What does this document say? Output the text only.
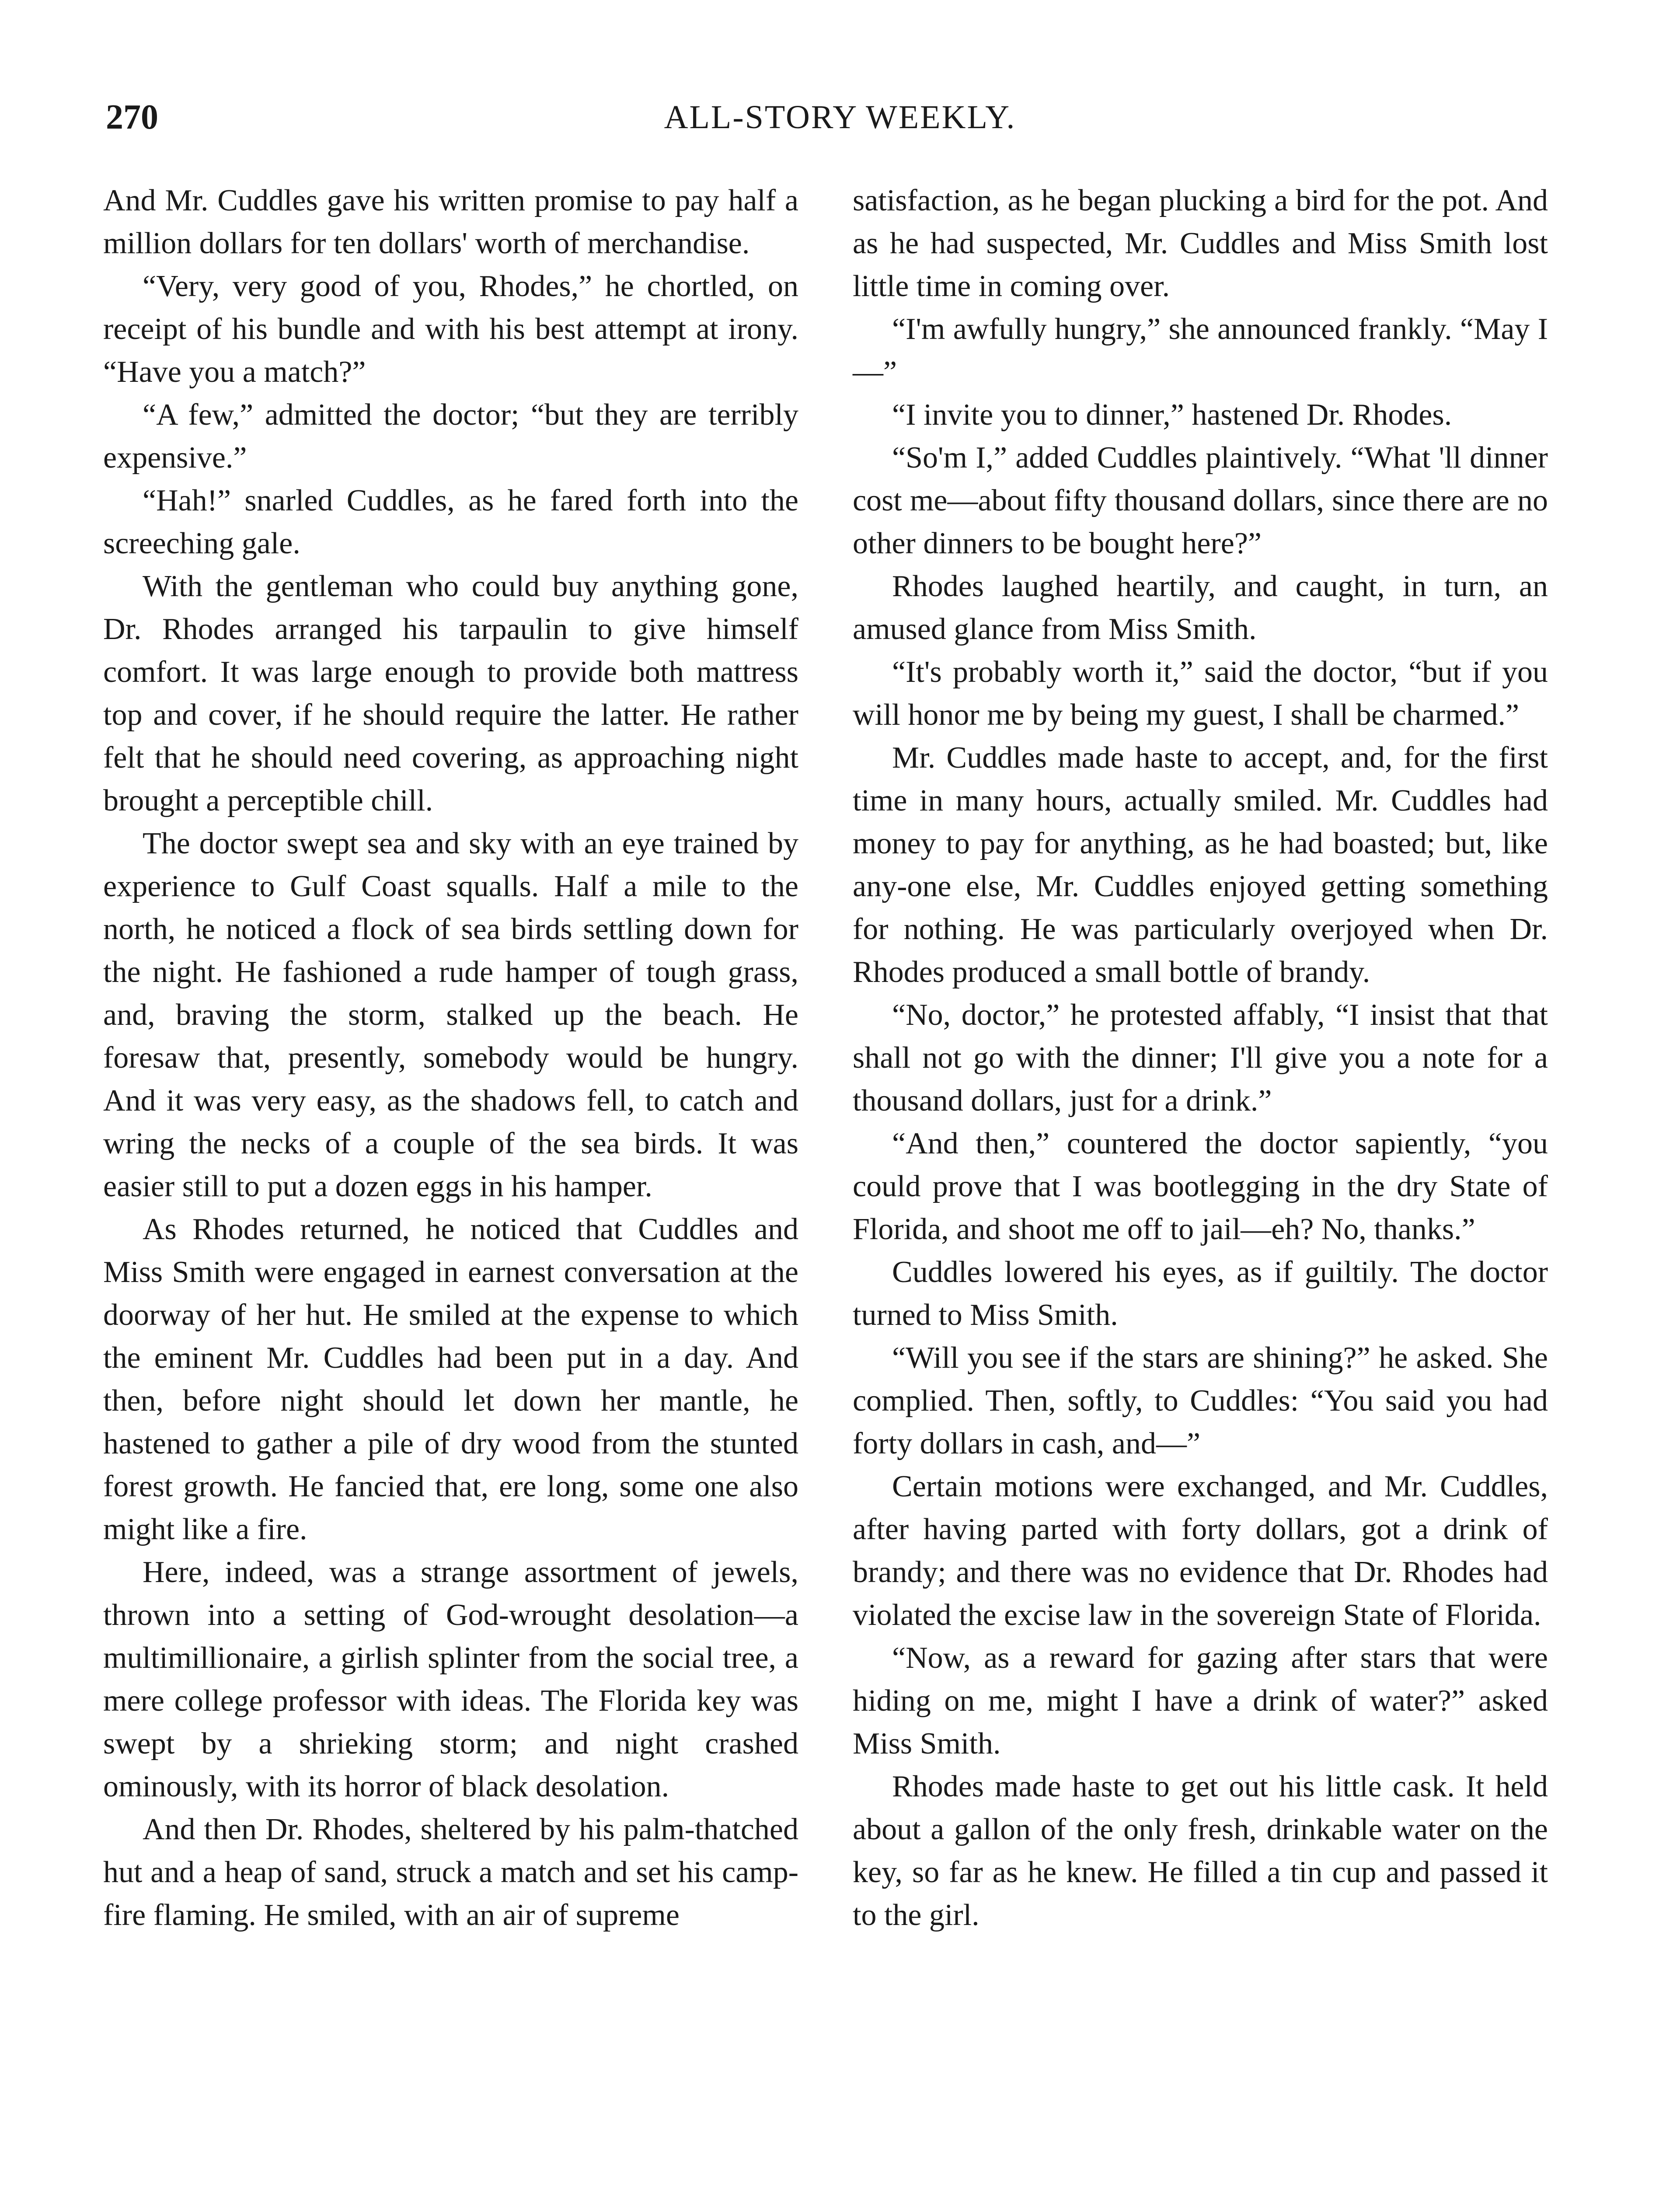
270	ALL-STORY WEEKLY.

And Mr. Cuddles gave his written promise to pay half a million dollars for ten dollars' worth of merchandise.

“Very, very good of you, Rhodes,” he chortled, on receipt of his bundle and with his best attempt at irony. “Have you a match?”

“A few,” admitted the doctor; “but they are terribly expensive.”

“Hah!” snarled Cuddles, as he fared forth into the screeching gale.

With the gentleman who could buy anything gone, Dr. Rhodes arranged his tarpaulin to give himself comfort. It was large enough to provide both mattress top and cover, if he should require the latter. He rather felt that he should need covering, as approaching night brought a perceptible chill.

The doctor swept sea and sky with an eye trained by experience to Gulf Coast squalls. Half a mile to the north, he noticed a flock of sea birds settling down for the night. He fashioned a rude hamper of tough grass, and, braving the storm, stalked up the beach. He foresaw that, presently, somebody would be hungry. And it was very easy, as the shadows fell, to catch and wring the necks of a couple of the sea birds. It was easier still to put a dozen eggs in his hamper.

As Rhodes returned, he noticed that Cuddles and Miss Smith were engaged in earnest conversation at the doorway of her hut. He smiled at the expense to which the eminent Mr. Cuddles had been put in a day. And then, before night should let down her mantle, he hastened to gather a pile of dry wood from the stunted forest growth. He fancied that, ere long, some one also might like a fire.

Here, indeed, was a strange assortment of jewels, thrown into a setting of God-wrought desolation—a multimillionaire, a girlish splinter from the social tree, a mere college professor with ideas. The Florida key was swept by a shrieking storm; and night crashed ominously, with its horror of black desolation.

And then Dr. Rhodes, sheltered by his palm-thatched hut and a heap of sand, struck a match and set his camp-fire flaming. He smiled, with an air of supreme

satisfaction, as he began plucking a bird for the pot. And as he had suspected, Mr. Cuddles and Miss Smith lost little time in coming over.

“I'm awfully hungry,” she announced frankly. “May I—”

“I invite you to dinner,” hastened Dr. Rhodes.

“So'm I,” added Cuddles plaintively. “What 'll dinner cost me—about fifty thousand dollars, since there are no other dinners to be bought here?”

Rhodes laughed heartily, and caught, in turn, an amused glance from Miss Smith.

“It's probably worth it,” said the doctor, “but if you will honor me by being my guest, I shall be charmed.”

Mr. Cuddles made haste to accept, and, for the first time in many hours, actually smiled. Mr. Cuddles had money to pay for anything, as he had boasted; but, like any-one else, Mr. Cuddles enjoyed getting something for nothing. He was particularly overjoyed when Dr. Rhodes produced a small bottle of brandy.

“No, doctor,” he protested affably, “I insist that that shall not go with the dinner; I'll give you a note for a thousand dollars, just for a drink.”

“And then,” countered the doctor sapiently, “you could prove that I was bootlegging in the dry State of Florida, and shoot me off to jail—eh? No, thanks.”

Cuddles lowered his eyes, as if guiltily. The doctor turned to Miss Smith.

“Will you see if the stars are shining?” he asked. She complied. Then, softly, to Cuddles: “You said you had forty dollars in cash, and—”

Certain motions were exchanged, and Mr. Cuddles, after having parted with forty dollars, got a drink of brandy; and there was no evidence that Dr. Rhodes had violated the excise law in the sovereign State of Florida.

“Now, as a reward for gazing after stars that were hiding on me, might I have a drink of water?” asked Miss Smith.

Rhodes made haste to get out his little cask. It held about a gallon of the only fresh, drinkable water on the key, so far as he knew. He filled a tin cup and passed it to the girl.
